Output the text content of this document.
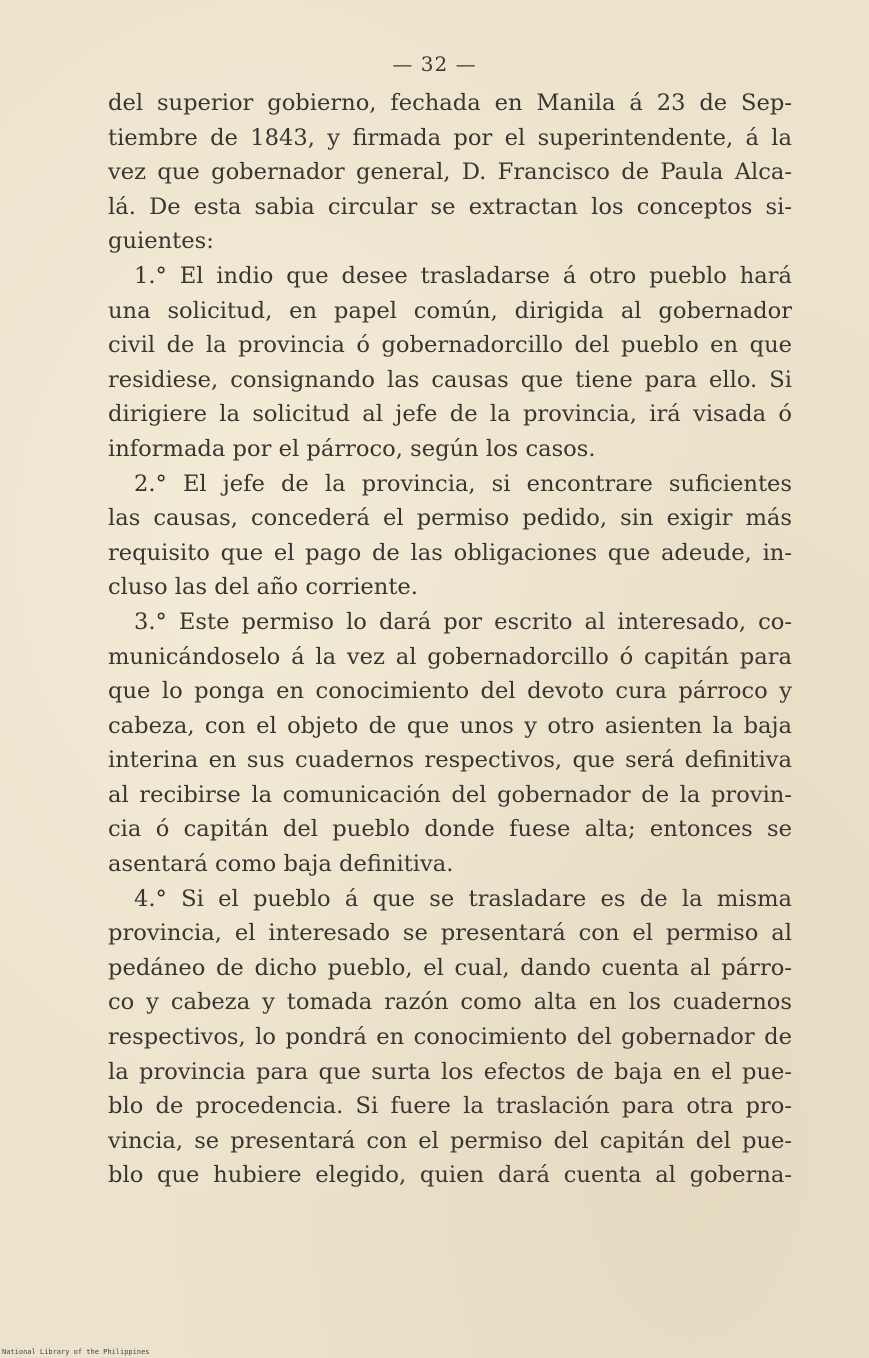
— 32 —
del superior gobierno, fechada en Manila á 23 de Sep-
tiembre de 1843, y firmada por el superintendente, á la
vez que gobernador general, D. Francisco de Paula Alca-
lá. De esta sabia circular se extractan los conceptos si-
guientes:
1.° El indio que desee trasladarse á otro pueblo hará
una solicitud, en papel común, dirigida al gobernador
civil de la provincia ó gobernadorcillo del pueblo en que
residiese, consignando las causas que tiene para ello. Si
dirigiere la solicitud al jefe de la provincia, irá visada ó
informada por el párroco, según los casos.
2.° El jefe de la provincia, si encontrare suficientes
las causas, concederá el permiso pedido, sin exigir más
requisito que el pago de las obligaciones que adeude, in-
cluso las del año corriente.
3.° Este permiso lo dará por escrito al interesado, co-
municándoselo á la vez al gobernadorcillo ó capitán para
que lo ponga en conocimiento del devoto cura párroco y
cabeza, con el objeto de que unos y otro asienten la baja
interina en sus cuadernos respectivos, que será definitiva
al recibirse la comunicación del gobernador de la provin-
cia ó capitán del pueblo donde fuese alta; entonces se
asentará como baja definitiva.
4.° Si el pueblo á que se trasladare es de la misma
provincia, el interesado se presentará con el permiso al
pedáneo de dicho pueblo, el cual, dando cuenta al párro-
co y cabeza y tomada razón como alta en los cuadernos
respectivos, lo pondrá en conocimiento del gobernador de
la provincia para que surta los efectos de baja en el pue-
blo de procedencia. Si fuere la traslación para otra pro-
vincia, se presentará con el permiso del capitán del pue-
blo que hubiere elegido, quien dará cuenta al goberna-
National Library of the Philippines
